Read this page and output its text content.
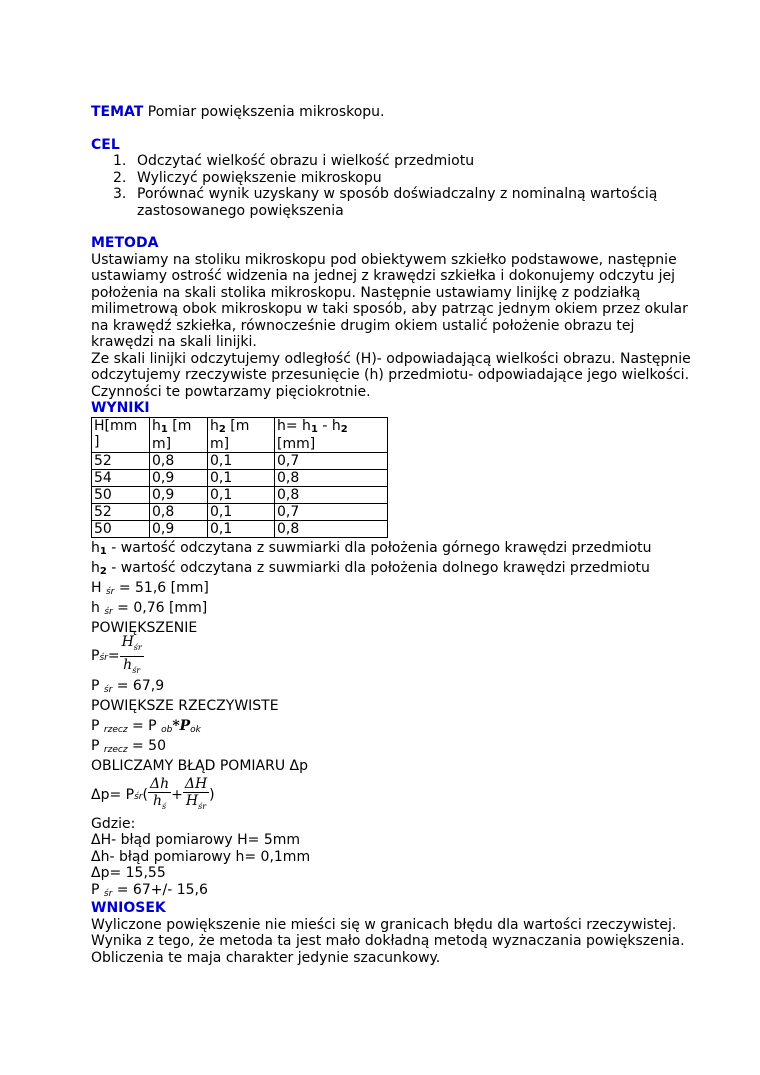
TEMAT Pomiar powiększenia mikroskopu.
CEL
1. Odczytać wielkość obrazu i wielkość przedmiotu
2. Wyliczyć powiększenie mikroskopu
3. Porównać wynik uzyskany w sposób doświadczalny z nominalną wartością zastosowanego powiększenia
METODA
Ustawiamy na stoliku mikroskopu pod obiektywem szkiełko podstawowe, następnie ustawiamy ostrość widzenia na jednej z krawędzi szkiełka i dokonujemy odczytu jej położenia na skali stolika mikroskopu. Następnie ustawiamy linijkę z podziałką milimetrową obok mikroskopu w taki sposób, aby patrząc jednym okiem przez okular na krawędź szkiełka, równocześnie drugim okiem ustalić położenie obrazu tej krawędzi na skali linijki.
Ze skali linijki odczytujemy odległość (H)- odpowiadającą wielkości obrazu. Następnie odczytujemy rzeczywiste przesunięcie (h) przedmiotu- odpowiadające jego wielkości. Czynności te powtarzamy pięciokrotnie.
WYNIKI
H[mm ]	h1 [m m]	h2 [m m]	h= h1 - h2
[mm]
52	0,8	0,1	0,7
54	0,9	0,1	0,8
50	0,9	0,1	0,8
52	0,8	0,1	0,7
50	0,9	0,1	0,8
h1 - wartość odczytana z suwmiarki dla położenia górnego krawędzi przedmiotu
h2 - wartość odczytana z suwmiarki dla położenia dolnego krawędzi przedmiotu
H śr = 51,6 [mm]
h śr = 0,76 [mm]
POWIĘKSZENIE
P śr = $\frac{H_{śr}}{h_{śr}}$
P śr = 67,9
POWIĘKSZE RZECZYWISTE
P rzecz = P ob*Pok
P rzecz = 50
OBLICZAMY BŁĄD POMIARU Δp
Δp= P śr ( $\frac{\Delta h}{h_ś} + \frac{\Delta H}{H_{śr}}$ )
Gdzie:
ΔH- błąd pomiarowy H= 5mm
Δh- błąd pomiarowy h= 0,1mm
Δp= 15,55
P śr = 67+/- 15,6
WNIOSEK
Wyliczone powiększenie nie mieści się w granicach błędu dla wartości rzeczywistej. Wynika z tego, że metoda ta jest mało dokładną metodą wyznaczania powiększenia. Obliczenia te maja charakter jedynie szacunkowy.
